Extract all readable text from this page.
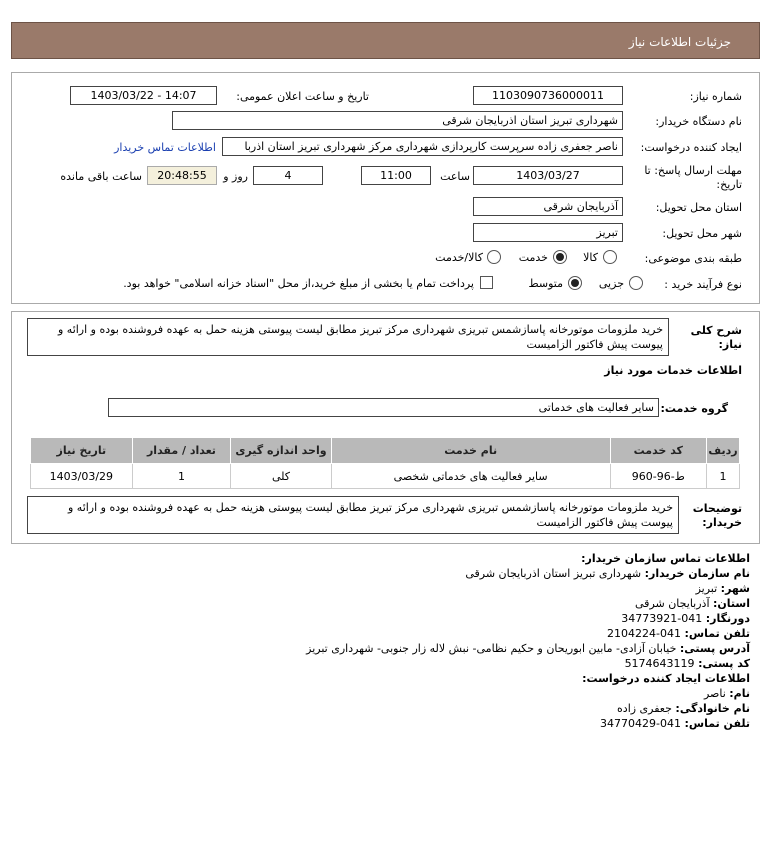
جزئیات اطلاعات نیاز
شماره نیاز:
1103090736000011
تاریخ و ساعت اعلان عمومی:
1403/03/22 - 14:07
نام دستگاه خریدار:
شهرداری تبریز استان اذربایجان شرقی
ایجاد کننده درخواست:
ناصر جعفری زاده سرپرست کارپردازی شهرداری مرکز شهرداری تبریز استان اذربا
اطلاعات تماس خریدار
مهلت ارسال پاسخ: تا
تاریخ:
1403/03/27
ساعت
11:00
4
روز و
20:48:55
ساعت باقی مانده
استان محل تحویل:
آذربایجان شرقی
شهر محل تحویل:
تبریز
طبقه بندی موضوعی:
کالا
خدمت
کالا/خدمت
نوع فرآیند خرید :
جزیی
متوسط
پرداخت تمام یا بخشی از مبلغ خرید،از محل "اسناد خزانه اسلامی" خواهد بود.
شرح کلی
نیاز:
خرید ملزومات موتورخانه پاسازشمس تبریزی شهرداری مرکز تبریز مطابق لیست پیوستی هزینه حمل به عهده فروشنده بوده و ارائه و پیوست پیش فاکتور الزامیست
اطلاعات خدمات مورد نیاز
گروه خدمت:
سایر فعالیت های خدماتی
ردیف	کد خدمت	نام خدمت	واحد اندازه گیری	تعداد / مقدار	تاریخ نیاز
1	ط-96-960	سایر فعالیت های خدماتی شخصی	کلی	1	1403/03/29
توضیحات
خریدار:
خرید ملزومات موتورخانه پاسازشمس تبریزی شهرداری مرکز تبریز مطابق لیست پیوستی هزینه حمل به عهده فروشنده بوده و ارائه و پیوست پیش فاکتور الزامیست
اطلاعات تماس سازمان خریدار:
نام سازمان خریدار: شهرداری تبریز استان اذربایجان شرقی
شهر: تبریز
استان: آذربایجان شرقی
دورنگار: 041-34773921
تلفن تماس: 041-2104224
آدرس پستی: خیابان آزادی- مابین ابوریحان و حکیم نظامی- نبش لاله زار جنوبی- شهرداری تبریز
کد پستی: 5174643119
اطلاعات ایجاد کننده درخواست:
نام: ناصر
نام خانوادگی: جعفری زاده
تلفن تماس: 041-34770429
